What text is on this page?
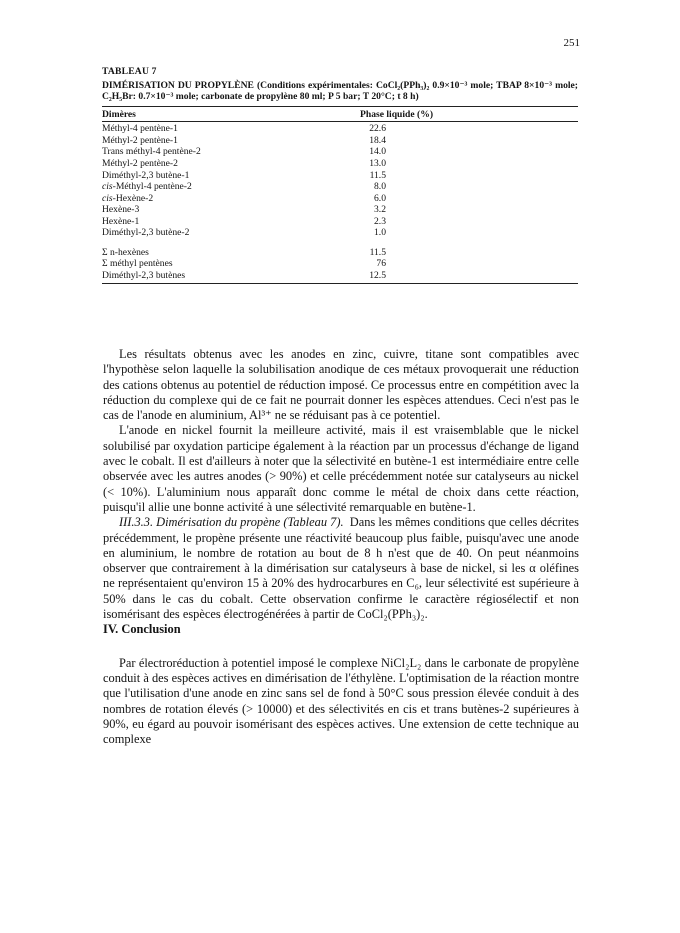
251
TABLEAU 7
DIMÉRISATION DU PROPYLÈNE (Conditions expérimentales: CoCl₂(PPh₃)₂ 0.9×10⁻³ mole; TBAP 8×10⁻³ mole; C₂H₅Br: 0.7×10⁻³ mole; carbonate de propylène 80 ml; P 5 bar; T 20°C; t 8 h)
Dimères	Phase liquide (%)
Méthyl-4 pentène-1	22.6
Méthyl-2 pentène-1	18.4
Trans méthyl-4 pentène-2	14.0
Méthyl-2 pentène-2	13.0
Diméthyl-2,3 butène-1	11.5
cis-Méthyl-4 pentène-2	8.0
cis-Hexène-2	6.0
Hexène-3	3.2
Hexène-1	2.3
Diméthyl-2,3 butène-2	1.0
Σ n-hexènes	11.5
Σ méthyl pentènes	76
Diméthyl-2,3 butènes	12.5

Les résultats obtenus avec les anodes en zinc, cuivre, titane sont compatibles avec l'hypothèse selon laquelle la solubilisation anodique de ces métaux provoquerait une réduction des cations obtenus au potentiel de réduction imposé. Ce processus entre en compétition avec la réduction du complexe qui de ce fait ne pourrait donner les espèces attendues. Ceci n'est pas le cas de l'anode en aluminium, Al³⁺ ne se réduisant pas à ce potentiel.

L'anode en nickel fournit la meilleure activité, mais il est vraisemblable que le nickel solubilisé par oxydation participe également à la réaction par un processus d'échange de ligand avec le cobalt. Il est d'ailleurs à noter que la sélectivité en butène-1 est intermédiaire entre celle observée avec les autres anodes (> 90%) et celle précédemment notée sur catalyseurs au nickel (< 10%). L'aluminium nous apparaît donc comme le métal de choix dans cette réaction, puisqu'il allie une bonne activité à une sélectivité remarquable en butène-1.

III.3.3. Dimérisation du propène (Tableau 7). Dans les mêmes conditions que celles décrites précédemment, le propène présente une réactivité beaucoup plus faible, puisqu'avec une anode en aluminium, le nombre de rotation au bout de 8 h n'est que de 40. On peut néanmoins observer que contrairement à la dimérisation sur catalyseurs à base de nickel, si les α oléfines ne représentaient qu'environ 15 à 20% des hydrocarbures en C₆, leur sélectivité est supérieure à 50% dans le cas du cobalt. Cette observation confirme le caractère régiosélectif et non isomérisant des espèces électrogénérées à partir de CoCl₂(PPh₃)₂.

IV. Conclusion

Par électroréduction à potentiel imposé le complexe NiCl₂L₂ dans le carbonate de propylène conduit à des espèces actives en dimérisation de l'éthylène. L'optimisation de la réaction montre que l'utilisation d'une anode en zinc sans sel de fond à 50°C sous pression élevée conduit à des nombres de rotation élevés (> 10000) et des sélectivités en cis et trans butènes-2 supérieures à 90%, eu égard au pouvoir isomérisant des espèces actives. Une extension de cette technique au complexe
